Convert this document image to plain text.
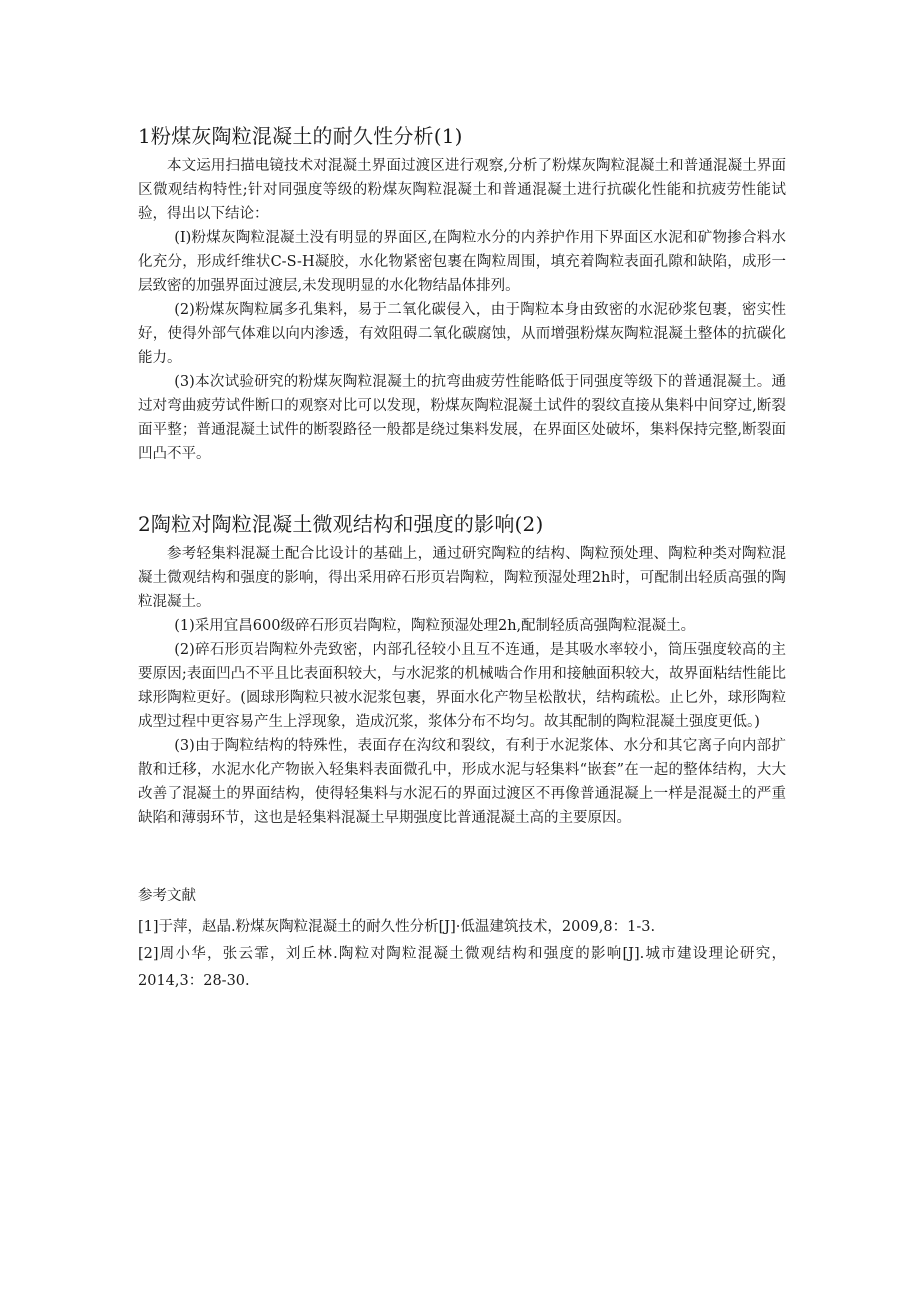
1粉煤灰陶粒混凝土的耐久性分析(1)

本文运用扫描电镜技术对混凝土界面过渡区进行观察,分析了粉煤灰陶粒混凝土和普通混凝土界面区微观结构特性;针对同强度等级的粉煤灰陶粒混凝土和普通混凝土进行抗碳化性能和抗疲劳性能试验，得出以下结论：

(I)粉煤灰陶粒混凝土没有明显的界面区,在陶粒水分的内养护作用下界面区水泥和矿物掺合料水化充分，形成纤维状C-S-H凝胶，水化物紧密包裹在陶粒周围，填充着陶粒表面孔隙和缺陷，成形一层致密的加强界面过渡层,未发现明显的水化物结晶体排列。

(2)粉煤灰陶粒属多孔集料，易于二氧化碳侵入，由于陶粒本身由致密的水泥砂浆包裹，密实性好，使得外部气体难以向内渗透，有效阻碍二氧化碳腐蚀，从而增强粉煤灰陶粒混凝土整体的抗碳化能力。

(3)本次试验研究的粉煤灰陶粒混凝土的抗弯曲疲劳性能略低于同强度等级下的普通混凝土。通过对弯曲疲劳试件断口的观察对比可以发现，粉煤灰陶粒混凝土试件的裂纹直接从集料中间穿过,断裂面平整；普通混凝土试件的断裂路径一般都是绕过集料发展，在界面区处破坏，集料保持完整,断裂面凹凸不平。

2陶粒对陶粒混凝土微观结构和强度的影响(2)

参考轻集料混凝土配合比设计的基础上，通过研究陶粒的结构、陶粒预处理、陶粒种类对陶粒混凝土微观结构和强度的影响，得出采用碎石形页岩陶粒，陶粒预湿处理2h时，可配制出轻质高强的陶粒混凝土。

(1)采用宜昌600级碎石形页岩陶粒，陶粒预湿处理2h,配制轻质高强陶粒混凝土。

(2)碎石形页岩陶粒外壳致密，内部孔径较小且互不连通，是其吸水率较小，筒压强度较高的主要原因;表面凹凸不平且比表面积较大，与水泥浆的机械啮合作用和接触面积较大，故界面粘结性能比球形陶粒更好。(圆球形陶粒只被水泥浆包裹，界面水化产物呈松散状，结构疏松。止匕外，球形陶粒成型过程中更容易产生上浮现象，造成沉浆，浆体分布不均匀。故其配制的陶粒混凝土强度更低。)

(3)由于陶粒结构的特殊性，表面存在沟纹和裂纹，有利于水泥浆体、水分和其它离子向内部扩散和迁移，水泥水化产物嵌入轻集料表面微孔中，形成水泥与轻集料“嵌套”在一起的整体结构，大大改善了混凝土的界面结构，使得轻集料与水泥石的界面过渡区不再像普通混凝上一样是混凝土的严重缺陷和薄弱环节，这也是轻集料混凝土早期强度比普通混凝土高的主要原因。

参考文献

[1]于萍，赵晶.粉煤灰陶粒混凝土的耐久性分析[J]·低温建筑技术，2009,8：1-3.

[2]周小华，张云霏，刘丘林.陶粒对陶粒混凝土微观结构和强度的影响[J].城市建设理论研究，2014,3：28-30.
